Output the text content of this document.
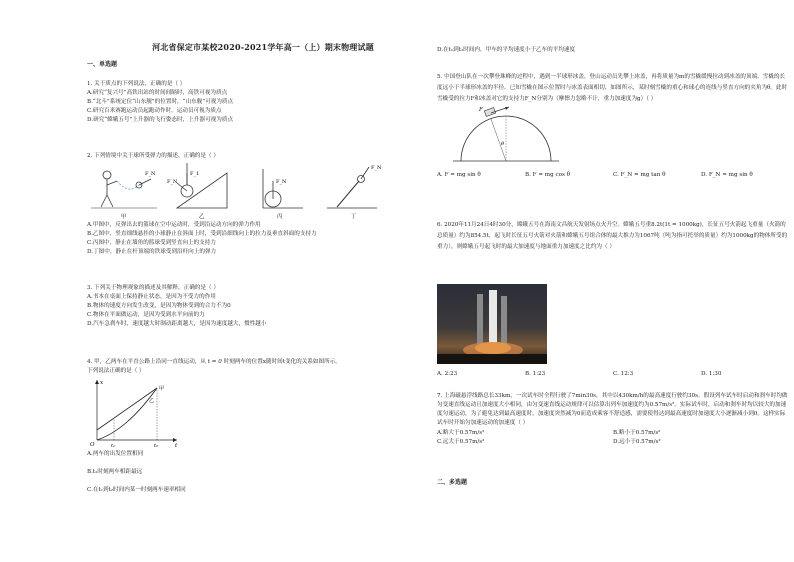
河北省保定市某校2020-2021学年高一（上）期末物理试题

一、单选题

1. 关于质点的下列说法，正确的是（ ）

A.研究“复兴号”高铁出站的时间间隔时，高铁可视为质点
B.“北斗”系统定位“山东舰”的位置时，“山东舰”可视为质点
C.研究百米赛跑运动员起跑动作时，运动员可视为质点
D.研究“嫦娥五号”上升器的飞行姿态时，上升器可视为质点

2. 下列情境中关于球所受弹力的描述，正确的是（ ）

F_N
F_N
F_1
F_N
F_N
甲	乙	丙	丁
A.甲图中，反弹出去的篮球在空中运动时，受到沿运动方向的弹力作用
B.乙图中，竖直细线悬挂的小球静止在斜面上时，受到沿细线向上的拉力及垂直斜面的支持力
C.丙图中，静止在墙角的篮球受到竖直向上的支持力
D.丁图中，静止在杆顶端的铁球受到沿杆向上的弹力

3. 下列关于物理观象的描述及其解释，正确的是（ ）

A.书本在桌面上保持静止状态，是因为不受力的作用
B.物体的速度方向发生改变，是因为物体受到的合力不为0
C.物体在平面做运动，是因为受到水平向前的力
D.汽车急刹车时，速度越大时制动距离越大，是因为速度越大，惯性越小

4. 甲，乙两车在平直公路上沿同一直线运动，从 t = 0 时刻两车的位置x随时间t变化的关系如图所示。

下列说法正确的是（ ）

x
t
O	t₁	t₂
甲
乙
A.两车的出发位置相同
B.t₂时刻两车相距最远
C.在t₁到t₂时间内某一时刻两车速率相同
D.在t₁到t₂时间内，甲车的平均速度小于乙车的平均速度

5. 中国登山队在一次攀登珠峰的过程中，遇到一半球形冰盖，登山运动员先攀上冰盖，再将质量为m的雪橇缓慢拉动到冰盖的顶端，雪橇的长度远小于半球形冰盖的半径。已知雪橇在图示位置时与冰盖表面相切，如图所示，某时刻雪橇的重心和球心的连线与竖直方向的夹角为θ。此时雪橇受的拉力F和冰盖对它的支持力F_N分别为（摩擦力忽略不计，重力加速度为g）（ ）

F
θ
A. F = mg sin θ	B. F = mg cos θ	C. F_N = mg tan θ	D. F_N = mg sin θ

6. 2020年11月24日4时30分，嫦娥五号在海南文昌航天发射场点火升空。嫦娥五号重8.2t(1t = 1000kg)，长征五号火箭起飞重量（火箭的总质量）约为854.5t，起飞时长征五号火箭对火箭和嫦娥五号组合体的最大推力为1067吨（吨为指可托举的质量）约为1000kg的物体所受的重力），则嫦娥五号起飞时的最大加速度与地面重力加速度之比约为（ ）

A. 2:23	B. 1:23	C. 12:3	D. 1:30

7. 上海磁悬浮线路总长33km，一次试车时全程行驶了7min30s，其中以430km/h的最高速度行驶约30s。假设列车试车时启动和刹车时均做匀变速直线运动且加速度大小相同，由匀变速直线运动规律可以估算出列车加速度约为0.57m/s²。实际试车时，启动和刹车时均以较大的加速度匀速运动，为了避免达到最高速度时，加速度突然减为0而造成乘客不舒适感，需要使得达到最高速度时加速度大小逐渐减小到0。这样实际试车时开始匀加速运动的加速度（ ）

A.略大于0.57m/s²	B.略小于0.57m/s²
C.远大于0.57m/s²	D.远小于0.57m/s²

二、多选题
